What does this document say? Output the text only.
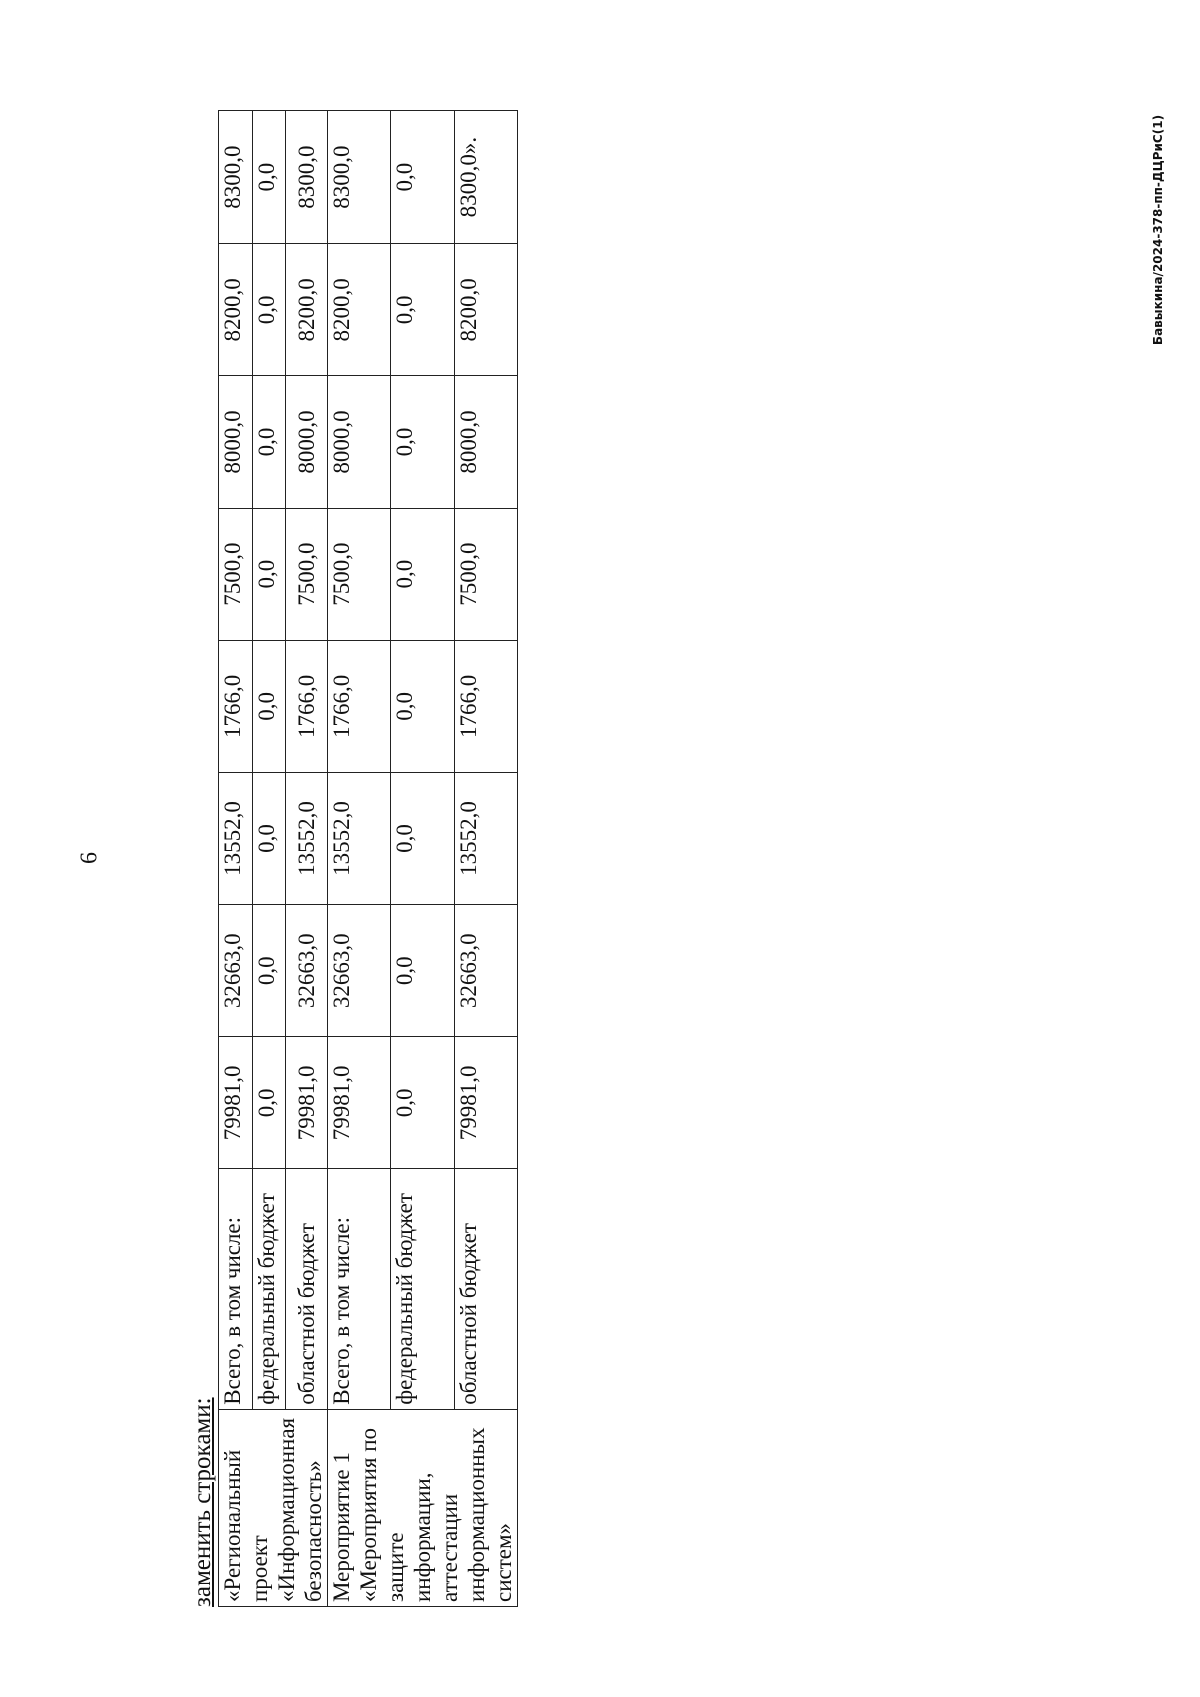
6
Бавыкина/2024-378-пп-ДЦРиС(1)
заменить строками: «Региональный проект «Информационная безопасность»	Всего, в том числе:	79981,0	32663,0	13552,0	1766,0	7500,0	8000,0	8200,0	8300,0
	федеральный бюджет	0,0	0,0	0,0	0,0	0,0	0,0	0,0	0,0
	областной бюджет	79981,0	32663,0	13552,0	1766,0	7500,0	8000,0	8200,0	8300,0
Мероприятие 1 «Мероприятия по защите информации, аттестации информационных систем»	Всего, в том числе:	79981,0	32663,0	13552,0	1766,0	7500,0	8000,0	8200,0	8300,0
	федеральный бюджет	0,0	0,0	0,0	0,0	0,0	0,0	0,0	0,0
	областной бюджет	79981,0	32663,0	13552,0	1766,0	7500,0	8000,0	8200,0	8300,0».
